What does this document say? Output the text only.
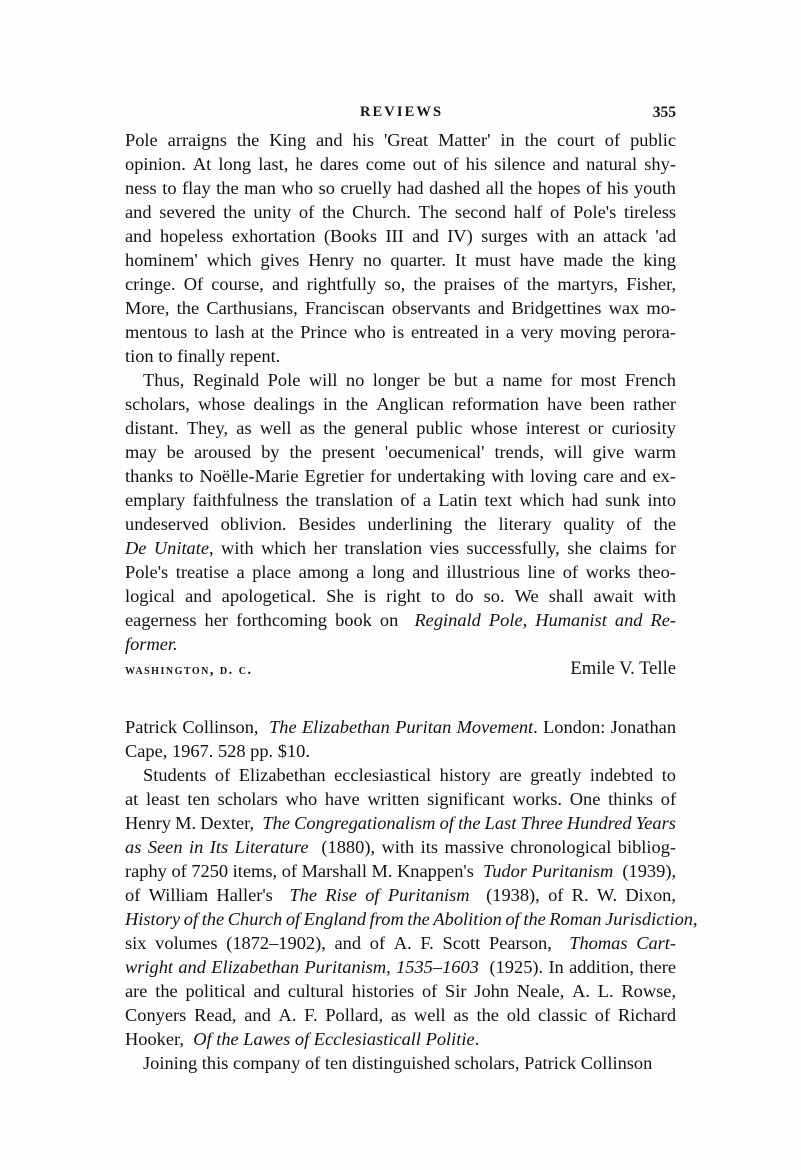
REVIEWS	355
Pole arraigns the King and his 'Great Matter' in the court of public
opinion. At long last, he dares come out of his silence and natural shy-
ness to flay the man who so cruelly had dashed all the hopes of his youth
and severed the unity of the Church. The second half of Pole's tireless
and hopeless exhortation (Books III and IV) surges with an attack 'ad
hominem' which gives Henry no quarter. It must have made the king
cringe. Of course, and rightfully so, the praises of the martyrs, Fisher,
More, the Carthusians, Franciscan observants and Bridgettines wax mo-
mentous to lash at the Prince who is entreated in a very moving perora-
tion to finally repent.
Thus, Reginald Pole will no longer be but a name for most French
scholars, whose dealings in the Anglican reformation have been rather
distant. They, as well as the general public whose interest or curiosity
may be aroused by the present 'oecumenical' trends, will give warm
thanks to Noëlle-Marie Egretier for undertaking with loving care and ex-
emplary faithfulness the translation of a Latin text which had sunk into
undeserved oblivion. Besides underlining the literary quality of the
De Unitate , with which her translation vies successfully, she claims for
Pole's treatise a place among a long and illustrious line of works theo-
logical and apologetical. She is right to do so. We shall await with
eagerness her forthcoming book on Reginald Pole, Humanist and Re-
former.
washington, d. c.	Emile V. Telle
Patrick Collinson, The Elizabethan Puritan Movement . London: Jonathan
Cape, 1967. 528 pp. $10.
Students of Elizabethan ecclesiastical history are greatly indebted to
at least ten scholars who have written significant works. One thinks of
Henry M. Dexter, The Congregationalism of the Last Three Hundred Years
as Seen in Its Literature (1880), with its massive chronological bibliog-
raphy of 7250 items, of Marshall M. Knappen's Tudor Puritanism (1939),
of William Haller's The Rise of Puritanism (1938), of R. W. Dixon,
History of the Church of England from the Abolition of the Roman Jurisdiction ,
six volumes (1872–1902), and of A. F. Scott Pearson, Thomas Cart-
wright and Elizabethan Puritanism, 1535–1603 (1925). In addition, there
are the political and cultural histories of Sir John Neale, A. L. Rowse,
Conyers Read, and A. F. Pollard, as well as the old classic of Richard
Hooker, Of the Lawes of Ecclesiasticall Politie .
Joining this company of ten distinguished scholars, Patrick Collinson
